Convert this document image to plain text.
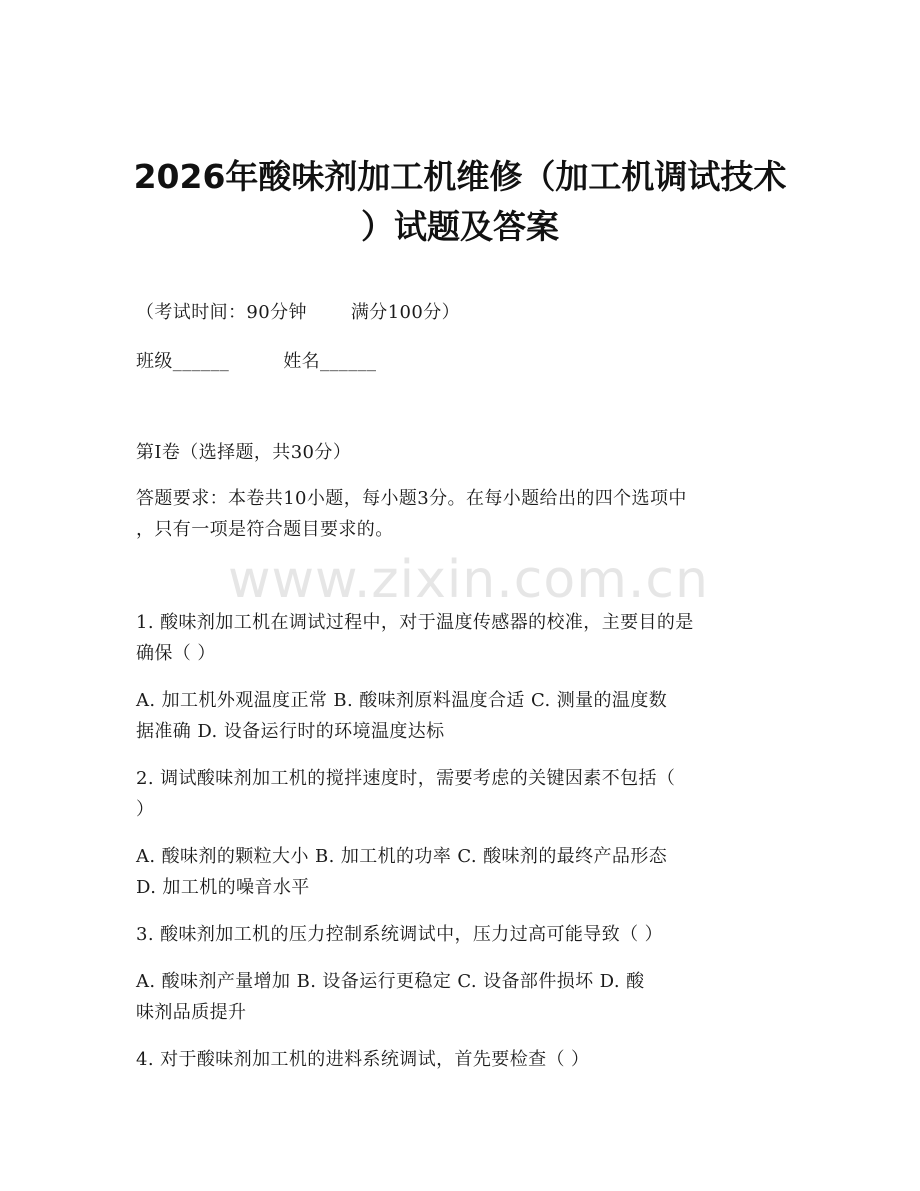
2026年酸味剂加工机维修（加工机调试技术
）试题及答案
（考试时间：90分钟 满分100分）
班级______	姓名______
第I卷（选择题，共30分）
答题要求：本卷共10小题，每小题3分。在每小题给出的四个选项中
，只有一项是符合题目要求的。
www.zixin.com.cn
1. 酸味剂加工机在调试过程中，对于温度传感器的校准，主要目的是
确保（ ）
A. 加工机外观温度正常 B. 酸味剂原料温度合适 C. 测量的温度数
据准确 D. 设备运行时的环境温度达标
2. 调试酸味剂加工机的搅拌速度时，需要考虑的关键因素不包括（
）
A. 酸味剂的颗粒大小 B. 加工机的功率 C. 酸味剂的最终产品形态
D. 加工机的噪音水平
3. 酸味剂加工机的压力控制系统调试中，压力过高可能导致（ ）
A. 酸味剂产量增加 B. 设备运行更稳定 C. 设备部件损坏 D. 酸
味剂品质提升
4. 对于酸味剂加工机的进料系统调试，首先要检查（ ）
